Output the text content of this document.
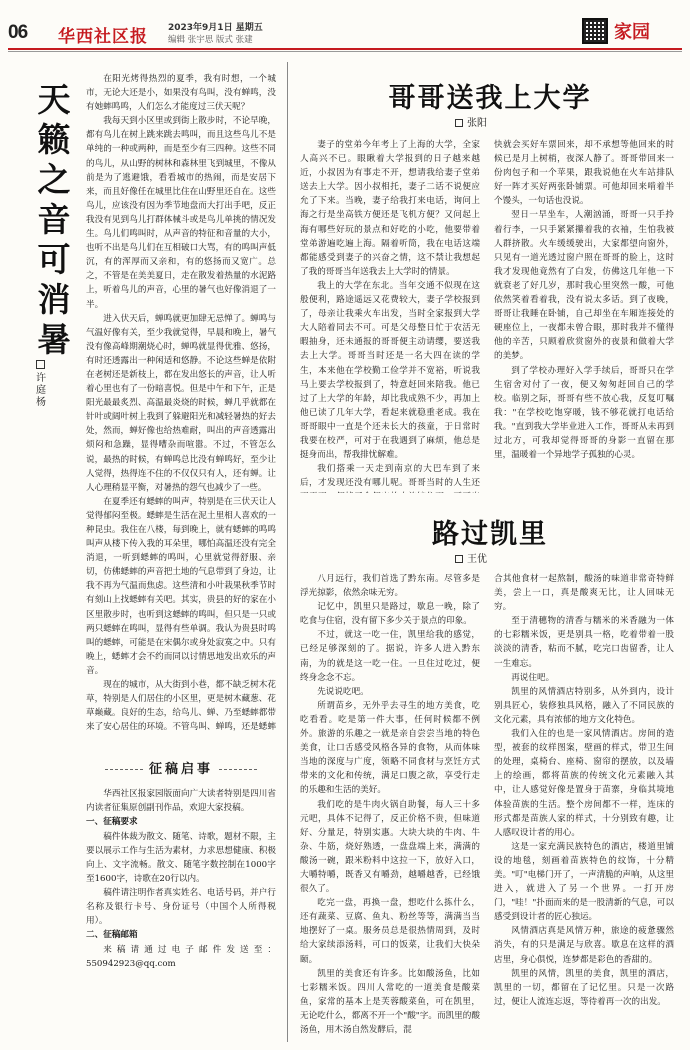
06 华西社区报 2023年9月1日 星期五
编辑 张宇思 版式 张建	家园
天
籁
之
音
可
消
暑
许庭杨

在阳光烤得热烈的夏季，我有时想，一个城市，无论大还是小，如果没有鸟叫，没有蝉鸣，没有她蟀鸣鸣，人们怎么才能度过三伏天呢？

我每天到小区里或到街上散步时，不论早晚，都有鸟儿在树上跳来跳去鸣叫，而且这些鸟儿不是单纯的一种或两种，而是至少有三四种。这些不同的鸟儿，从山野的树林和森林里飞到城里，不像从前是为了逃避饿，看看城市的热闹，而是安居下来，而且好像任在城里比住在山野里还自在。这些鸟儿，应该没有因为季节地盘而大打出手吧，反正我没有见到鸟儿打群体械斗或是鸟儿单挑的情况发生。鸟儿们鸣叫时，从声音的特征和音量的大小，也听不出是鸟儿们在互相破口大骂，有的鸣叫声低沉，有的浑厚而又亲和，有的悠扬而又宽广。总之，不管是在美美夏日，走在散发着热量的水泥路上，听着鸟儿的声音，心里的暑气也好像消退了一半。

进入伏天后，蝉鸣就更加肆无忌惮了。蝉鸣与气温好像有关，至少我就觉得，早晨和晚上，暑气没有像高峰期潮烧心时，蝉鸣就显得优雅、悠扬，有时还透露出一种闲适和悠静。不论这些蝉是依附在老树还是新枝上，都在发出悠长的声音，让人听着心里也有了一份暗喜悦。但是中午和下午，正是阳光最最炙烈、高温最炎烧的时候，蝉几乎就都在针叶或阔叶树上我到了躲避阳光和减轻暑热的好去处，然而，蝉好像也给热难耐，叫出的声音透露出烦闷和急躁，显得嘈杂而喧嚣。不过，不管怎么说，最热的时候，有蝉鸣总比没有蝉鸣好，至少让人觉得，热得连不住的不仅仅只有人，还有蝉。让人心理稍显平衡，对暑热的怨气也减少了一些。

在夏季还有蟋蟀的叫声，特别是在三伏天让人觉得郁闷至极。蟋蟀是生活在泥土里相人喜欢的一种昆虫。我住在八楼，每到晚上，就有蟋蟀的鸣鸣叫声从楼下传入我的耳朵里，哪怕高温还没有完全消退，一听到蟋蟀的鸣叫，心里就觉得舒服、亲切，仿佛蟋蟀的声音把土地的气息带到了身边，让我不再为气温而焦虑。这些清和小叶栽果秋季节时有刻山上找蟋蟀有关吧。其实，贵县的好的家在小区里散步时，也听到这蟋蟀的鸣叫，但只是一只或两只蟋蟀在鸣叫，显得有些单调。我认为贵县时鸣叫的蟋蟀，可能是在宋偶尔或身处寂寞之中。只有晚上，蟋蟀才会不约而同以讨情思地发出欢乐的声音。

现在的城市，从大街到小巷，都不缺乏树木花草，特别是人们居住的小区里，更是树木藏葱、花草巅藏。良好的生态，给鸟儿、蝉、乃至蟋蟀都带来了安心居住的环境。不管鸟叫、蝉鸣，还是蟋蟀

征稿启事

华西社区报家园版面向广大读者特别是四川省内读者征集原创副刊作品，欢迎大家投稿。

一、征稿要求

稿件体裁为散文、随笔、诗歌，题材不限，主要以展示工作与生活为素材，力求思想健康、积极向上、文字流畅。散文、随笔字数控制在1000字至1600字，诗歌在20行以内。

稿件请注明作者真实姓名、电话号码，并户行名称及银行卡号、身份证号（中国个人所得税用）。

二、征稿邮箱

来稿请通过电子邮件发送至：550942923@qq.com

哥哥送我上大学
张阳

妻子的堂弟今年考上了上海的大学，全家人高兴不已。眼瞅着大学报到的日子越来越近，小叔因为有事走不开，想请我给妻子堂弟送去上大学。因小叔相托，妻子二话不说便应允了下来。当晚，妻子给我打来电话，询问上海之行是坐高铁方便还是飞机方便？又问起上海有哪些好玩的景点和好吃的小吃，他要带着堂弟游遍吃遍上海。隔着听筒，我在电话这端都能感受到妻子的兴奋之情，这不禁让我想起了我的哥哥当年送我去上大学时的情景。

我上的大学在东北。当年交通不似现在这般便利，路途遥远又花费较大，妻子学校报到了，母亲让我乘火车出发，当时全家报到大学大人陪着同去不可。可是父母整日忙于农活无暇抽身，还未通报的哥哥便主动请缨，要送我去上大学。哥哥当时还是一名大四在读的学生，本来他在学校勤工俭学并不宽裕，听说我马上要去学校报到了，特意赶回来陪我。他已过了上大学的年龄，却比我成熟不少，再加上他已读了几年大学，看起来就稳重老成。我在哥哥眼中一直是个还未长大的孩童，于日常时我要在校严，可对于在我遇到了麻烦，他总是挺身而出，帮我排忧解难。

我们搭乘一天走到南京的大巴车到了来后，才发现还没有哪儿呢。哥哥当时的人生还

快就会买好车票回来，却不承想等他回来的时候已是月上树梢，夜深人静了。哥哥带回来一份肉包子和一个苹果，跟我说他在火车站排队好一阵才买好两张卧铺票。可他却回来啃着半个馒头，一句话也没说。

翌日一早坐车，人潮汹涌，哥哥一只手拎着行李，一只手紧紧攥着我的衣袖，生怕我被人群挤散。火车缓缓驶出，大家都望向窗外，只见有一道光透过窗户照在哥哥的脸上，这时我才发现他竟然有了白发，仿佛这几年他一下就衰老了好几岁，那时我心里突然一酸，可他依然笑着看着我，没有说太多话。到了夜晚，哥哥让我睡在卧铺，自己却坐在车厢连接处的硬座位上，一夜都未曾合眼，那时我并不懂得他的辛苦，只顾着欣赏窗外的夜景和做着大学的美梦。

到了学校办理好入学手续后，哥哥只在学生宿舍对付了一夜，便又匆匆赶回自己的学校。临别之际，哥哥有些不放心我，反复叮嘱我："在学校吃饱穿暖，钱不够花就打电话给我。"直到我大学毕业进入工作，哥哥从未再到过北方，可我却觉得哥哥的身影一直留在那里，温暖着一个异地学子孤独的心灵。

路过凯里
王优

八月远行，我们首选了黔东南。尽管多是浮光掠影，依然余味无穷。

记忆中，凯里只是路过，歇息一晚，除了吃食与住宿，没有留下多少关于景点的印象。

不过，就这一吃一住，凯里给我的感觉，已经足够深刻的了。据说，许多人进入黔东南，为的就是这一吃一住。一旦住过吃过，便终身念念不忘。

先说说吃吧。

所谓苗乡，无外乎去寻生的地方美食，吃吃看看。吃是第一件大事，任何时候都不例外。旅游的乐趣之一就是亲自尝尝当地的特色美食，让口舌感受风格各异的食物，从而体味当地的深度与广度，领略不同食材与烹饪方式带来的文化和传统，满足口腹之欲，享受行走的乐趣和生活的美好。

我们吃的是牛肉火锅自助餐，每人三十多元吧，具体不记得了，反正价格不贵，但味道好、分量足，特别实惠。大块大块的牛肉、牛杂、牛筋，烧好熟透，一盘盘端上来，满满的酸汤一碗，跟米粉料中这拉一下，放好入口，大嚼特嚼，既香又有嚼劲，越嚼越香，已经饿很久了。

吃完一盘，再换一盘，想吃什么拣什么，还有蔬菜、豆腐、鱼丸、粉丝等等，满满当当地摆好了一桌。服务员总是很热情周到，及时给大家续添汤料，可口的饭菜，让我们大快朵颐。

凯里的美食还有许多。比如酸汤鱼，比如七彩糯米饭。四川人常吃的一道美食是酸菜鱼，家常的基本上是芙蓉酸菜鱼，可在凯里，无论吃什么，都离不开一个"酸"字。而凯里的酸汤鱼，用木汤自然发酵后，混

合其他食材一起熬制，酸汤的味道非常奇特鲜美，尝上一口，真是酸爽无比，让人回味无穷。

至于清穗物的清香与糯米的米香融为一体的七彩糯米饭，更是别具一格，吃着带着一股淡淡的清香，粘而不腻，吃完口齿留香，让人一生难忘。

再说住吧。

凯里的风情酒店特别多，从外到内，设计别具匠心，装修独具风格，融入了不同民族的文化元素，具有浓郁的地方文化特色。

我们入住的也是一家风情酒店。房间的造型，被套的纹样图案，壁画的样式，带卫生间的处理，桌椅台、座椅、窗帘的摆放，以及墙上的绘画，都将苗族的传统文化元素融入其中，让人感觉好像是置身于苗寨，身临其境地体验苗族的生活。整个房间都不一样，连床的形式都是苗族人家的样式，十分别致有趣，让人感叹设计者的用心。

这是一家充满民族特色的酒店，楼道里铺设的地毯，刻画着苗族特色的纹饰，十分精美。"叮"电梯门开了，一声清脆的声响，从这里进入，就进入了另一个世界。一打开房门，"哇！"扑面而来的是一股清新的气息，可以感受到设计者的匠心独运。

风情酒店真是风情万种，旅途的疲惫骤然消失，有的只是满足与欣喜。歇息在这样的酒店里，身心俱悦，连梦都是彩色的香甜的。

凯里的风情，凯里的美食，凯里的酒店，凯里的一切，都留在了记忆里。只是一次路过，便让人流连忘返，等待着再一次的出发。
